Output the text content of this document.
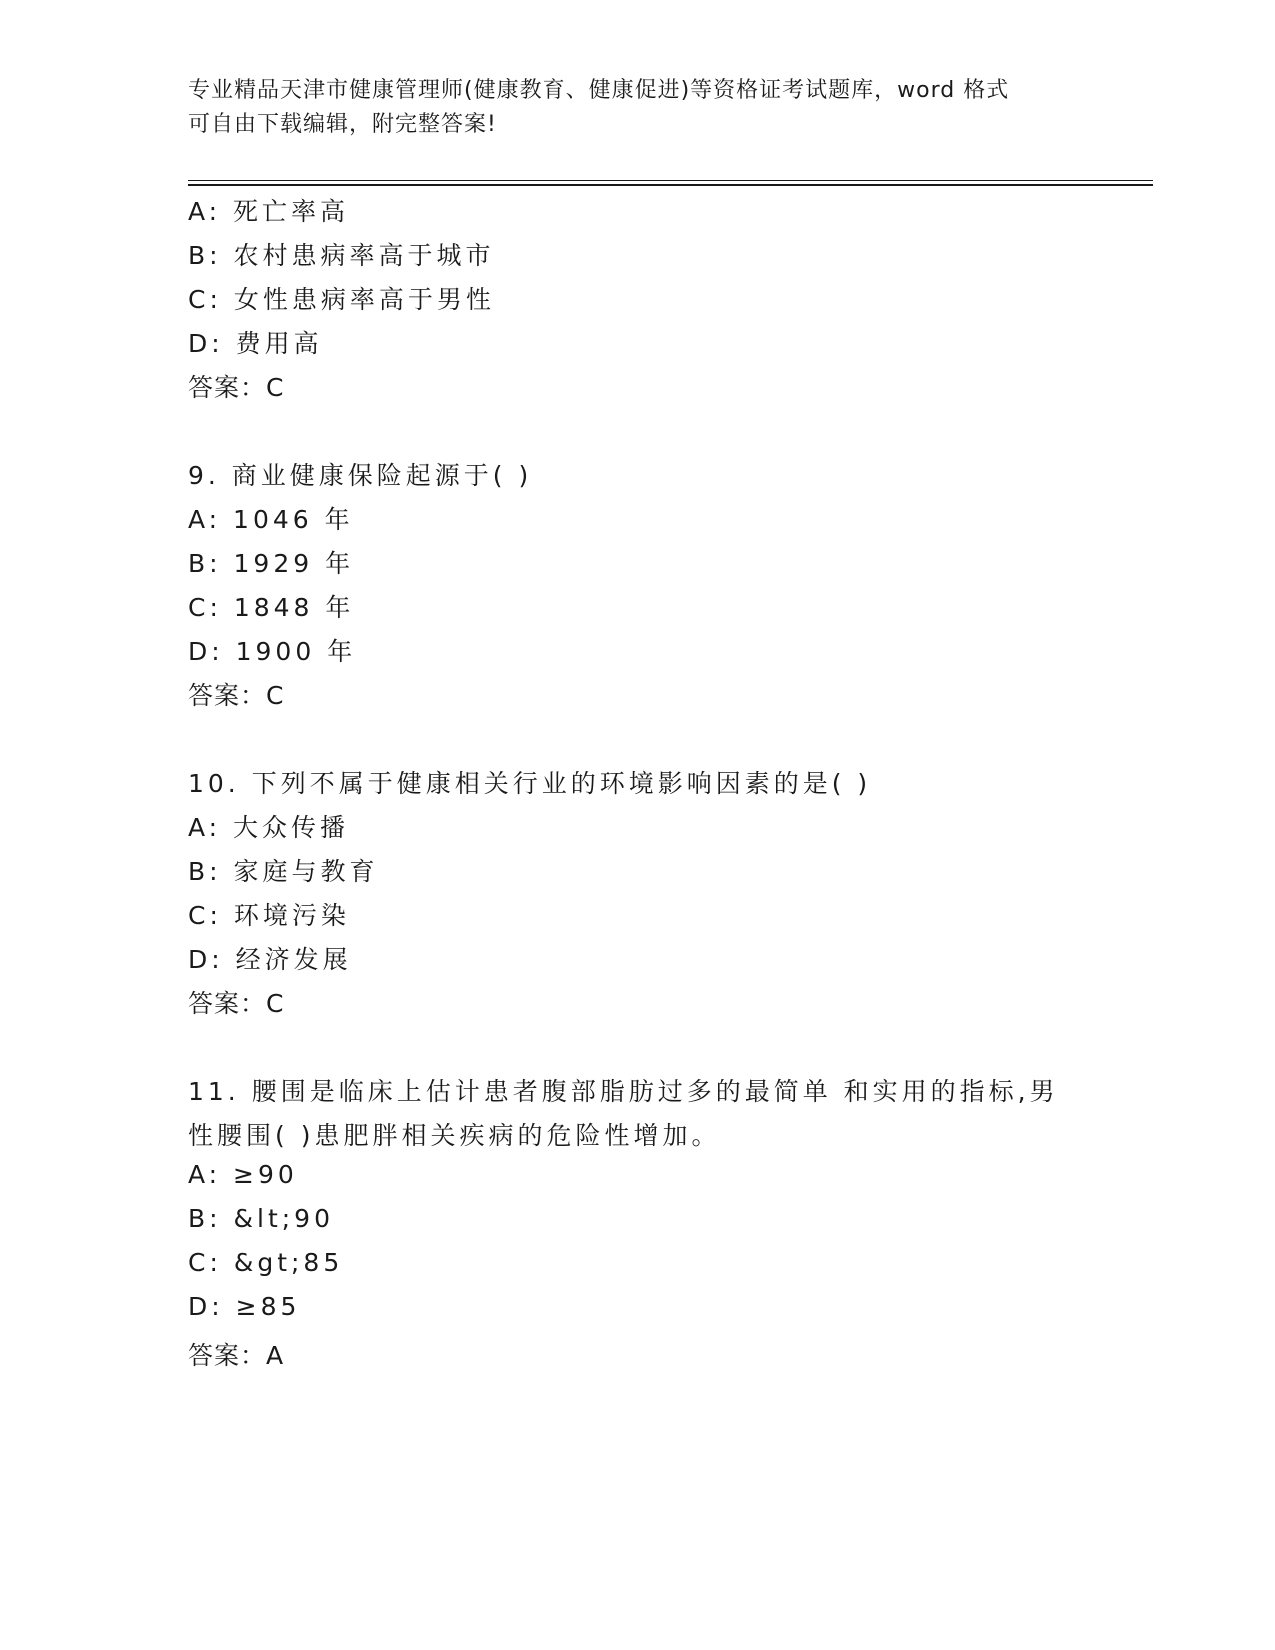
专业精品天津市健康管理师(健康教育、健康促进)等资格证考试题库，word 格式
可自由下载编辑，附完整答案!
A: 死亡率高
B: 农村患病率高于城市
C: 女性患病率高于男性
D: 费用高
答案：C
9. 商业健康保险起源于( )
A: 1046 年
B: 1929 年
C: 1848 年
D: 1900 年
答案：C
10. 下列不属于健康相关行业的环境影响因素的是( )
A: 大众传播
B: 家庭与教育
C: 环境污染
D: 经济发展
答案：C
11. 腰围是临床上估计患者腹部脂肪过多的最简单 和实用的指标,男
性腰围( )患肥胖相关疾病的危险性增加。
A: ≥90
B: &lt;90
C: &gt;85
D: ≥85
答案：A
